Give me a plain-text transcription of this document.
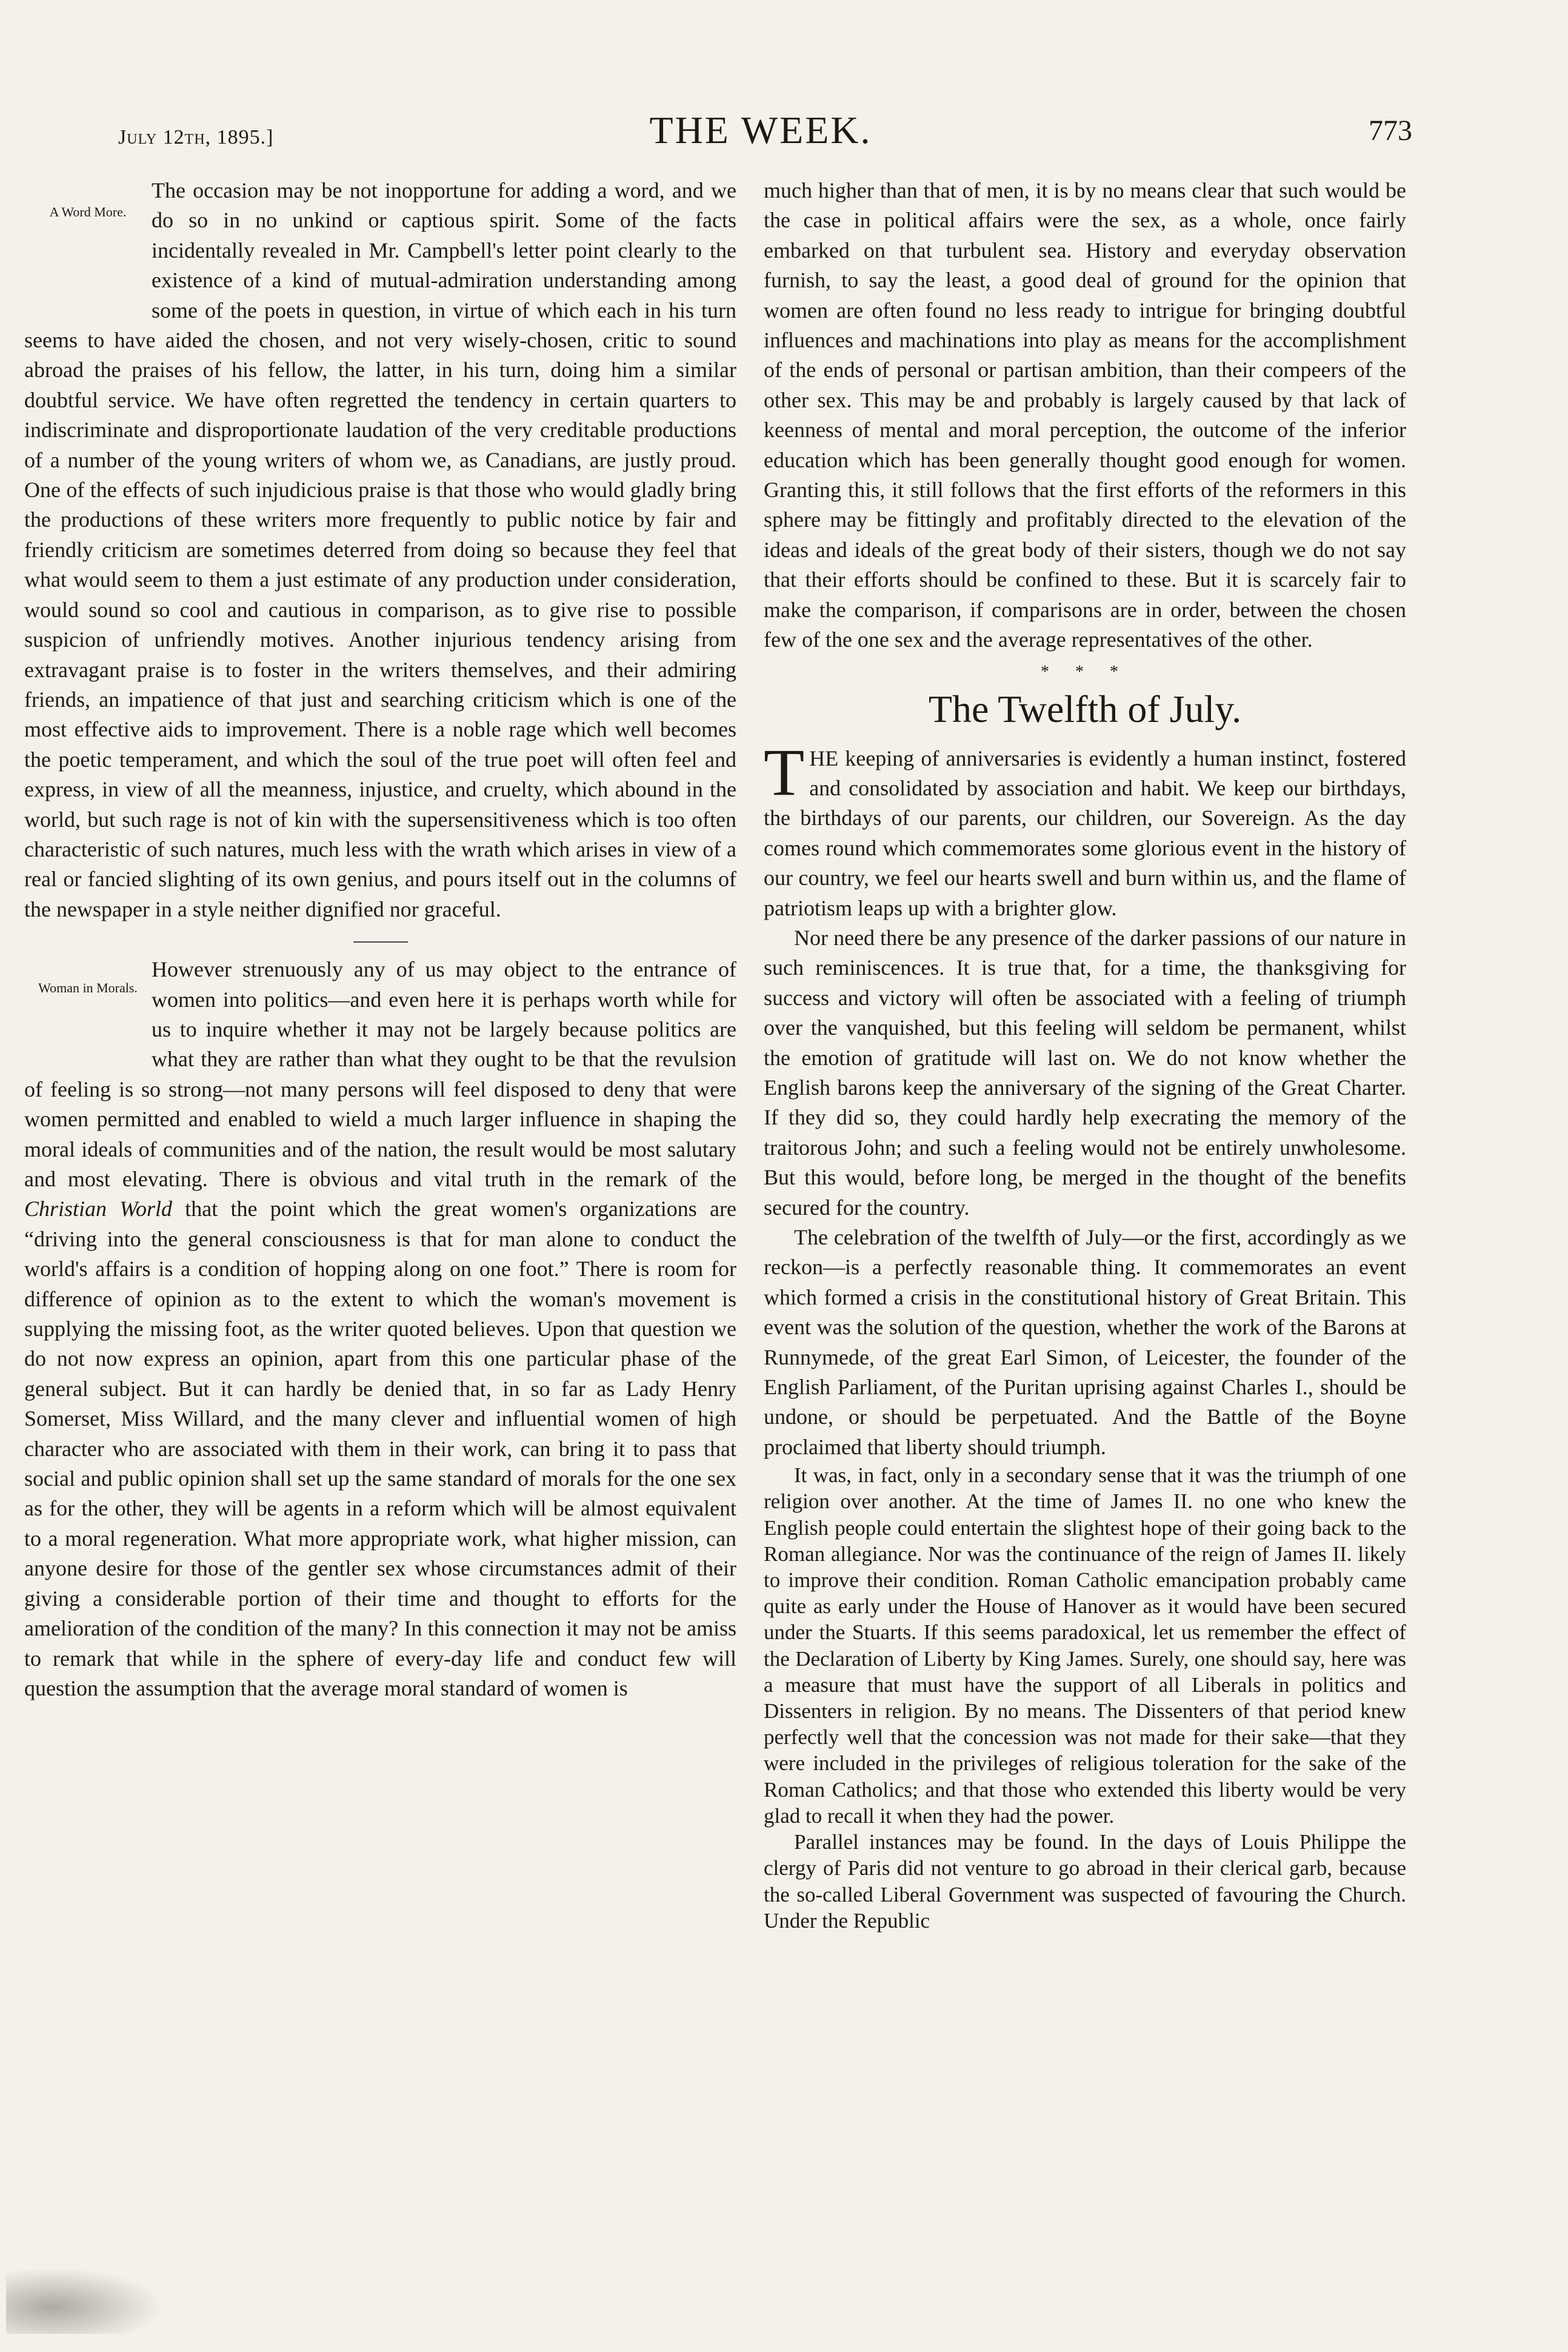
July 12th, 1895.]	THE WEEK.	773
A Word More.

The occasion may be not inopportune for adding a word, and we do so in no unkind or captious spirit. Some of the facts incidentally revealed in Mr. Campbell's letter point clearly to the existence of a kind of mutual-admiration understanding among some of the poets in question, in virtue of which each in his turn seems to have aided the chosen, and not very wisely-chosen, critic to sound abroad the praises of his fellow, the latter, in his turn, doing him a similar doubtful service. We have often regretted the tendency in certain quarters to indiscriminate and disproportionate laudation of the very creditable productions of a number of the young writers of whom we, as Canadians, are justly proud. One of the effects of such injudicious praise is that those who would gladly bring the productions of these writers more frequently to public notice by fair and friendly criticism are sometimes deterred from doing so because they feel that what would seem to them a just estimate of any production under consideration, would sound so cool and cautious in comparison, as to give rise to possible suspicion of unfriendly motives. Another injurious tendency arising from extravagant praise is to foster in the writers themselves, and their admiring friends, an impatience of that just and searching criticism which is one of the most effective aids to improvement. There is a noble rage which well becomes the poetic temperament, and which the soul of the true poet will often feel and express, in view of all the meanness, injustice, and cruelty, which abound in the world, but such rage is not of kin with the supersensitiveness which is too often characteristic of such natures, much less with the wrath which arises in view of a real or fancied slighting of its own genius, and pours itself out in the columns of the newspaper in a style neither dignified nor graceful.

Woman in Morals.

However strenuously any of us may object to the entrance of women into politics—and even here it is perhaps worth while for us to inquire whether it may not be largely because politics are what they are rather than what they ought to be that the revulsion of feeling is so strong—not many persons will feel disposed to deny that were women permitted and enabled to wield a much larger influence in shaping the moral ideals of communities and of the nation, the result would be most salutary and most elevating. There is obvious and vital truth in the remark of the Christian World that the point which the great women's organizations are “driving into the general consciousness is that for man alone to conduct the world's affairs is a condition of hopping along on one foot.” There is room for difference of opinion as to the extent to which the woman's movement is supplying the missing foot, as the writer quoted believes. Upon that question we do not now express an opinion, apart from this one particular phase of the general subject. But it can hardly be denied that, in so far as Lady Henry Somerset, Miss Willard, and the many clever and influential women of high character who are associated with them in their work, can bring it to pass that social and public opinion shall set up the same standard of morals for the one sex as for the other, they will be agents in a reform which will be almost equivalent to a moral regeneration. What more appropriate work, what higher mission, can anyone desire for those of the gentler sex whose circumstances admit of their giving a considerable portion of their time and thought to efforts for the amelioration of the condition of the many? In this connection it may not be amiss to remark that while in the sphere of every-day life and conduct few will question the assumption that the average moral standard of women is

much higher than that of men, it is by no means clear that such would be the case in political affairs were the sex, as a whole, once fairly embarked on that turbulent sea. History and everyday observation furnish, to say the least, a good deal of ground for the opinion that women are often found no less ready to intrigue for bringing doubtful influences and machinations into play as means for the accomplishment of the ends of personal or partisan ambition, than their compeers of the other sex. This may be and probably is largely caused by that lack of keenness of mental and moral perception, the outcome of the inferior education which has been generally thought good enough for women. Granting this, it still follows that the first efforts of the reformers in this sphere may be fittingly and profitably directed to the elevation of the ideas and ideals of the great body of their sisters, though we do not say that their efforts should be confined to these. But it is scarcely fair to make the comparison, if comparisons are in order, between the chosen few of the one sex and the average representatives of the other.

* * *
The Twelfth of July.

THE keeping of anniversaries is evidently a human instinct, fostered and consolidated by association and habit. We keep our birthdays, the birthdays of our parents, our children, our Sovereign. As the day comes round which commemorates some glorious event in the history of our country, we feel our hearts swell and burn within us, and the flame of patriotism leaps up with a brighter glow.

Nor need there be any presence of the darker passions of our nature in such reminiscences. It is true that, for a time, the thanksgiving for success and victory will often be associated with a feeling of triumph over the vanquished, but this feeling will seldom be permanent, whilst the emotion of gratitude will last on. We do not know whether the English barons keep the anniversary of the signing of the Great Charter. If they did so, they could hardly help execrating the memory of the traitorous John; and such a feeling would not be entirely unwholesome. But this would, before long, be merged in the thought of the benefits secured for the country.

The celebration of the twelfth of July—or the first, accordingly as we reckon—is a perfectly reasonable thing. It commemorates an event which formed a crisis in the constitutional history of Great Britain. This event was the solution of the question, whether the work of the Barons at Runnymede, of the great Earl Simon, of Leicester, the founder of the English Parliament, of the Puritan uprising against Charles I., should be undone, or should be perpetuated. And the Battle of the Boyne proclaimed that liberty should triumph.

It was, in fact, only in a secondary sense that it was the triumph of one religion over another. At the time of James II. no one who knew the English people could entertain the slightest hope of their going back to the Roman allegiance. Nor was the continuance of the reign of James II. likely to improve their condition. Roman Catholic emancipation probably came quite as early under the House of Hanover as it would have been secured under the Stuarts. If this seems paradoxical, let us remember the effect of the Declaration of Liberty by King James. Surely, one should say, here was a measure that must have the support of all Liberals in politics and Dissenters in religion. By no means. The Dissenters of that period knew perfectly well that the concession was not made for their sake—that they were included in the privileges of religious toleration for the sake of the Roman Catholics; and that those who extended this liberty would be very glad to recall it when they had the power.

Parallel instances may be found. In the days of Louis Philippe the clergy of Paris did not venture to go abroad in their clerical garb, because the so-called Liberal Government was suspected of favouring the Church. Under the Republic
